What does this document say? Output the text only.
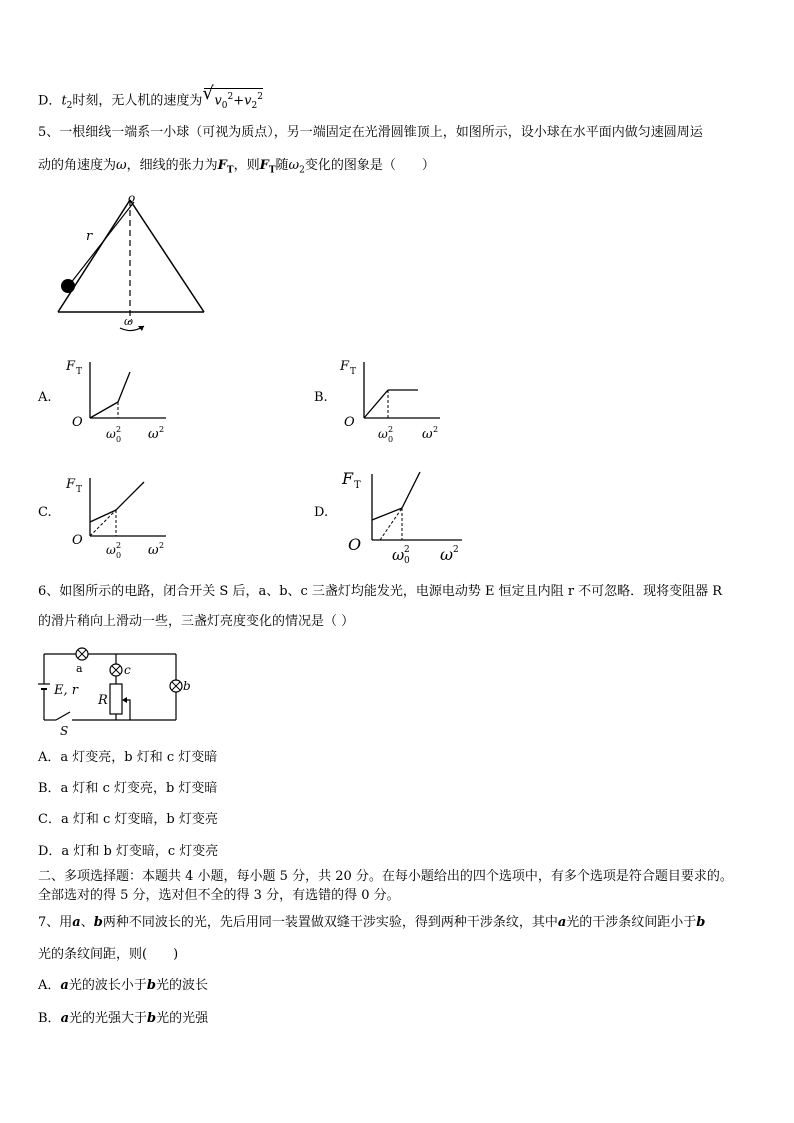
D．$t_2$时刻，无人机的速度为 √ $v_0^2+v_2^2$
5、一根细线一端系一小球（可视为质点），另一端固定在光滑圆锥顶上，如图所示，设小球在水平面内做匀速圆周运
动的角速度为ω，细线的张力为$F_T$，则$F_T$随$\omega_2$变化的图象是（　　）
o
r
ω
A.	B.
C.	D.
F T
O
ω 2
0 ω 2
F T
O
ω 2
0 ω 2
F T
O
ω 2
0 ω 2
F T
O
ω 2
0 ω 2
6、如图所示的电路，闭合开关 S 后，a、b、c 三盏灯均能发光，电源电动势 E 恒定且内阻 r 不可忽略．现将变阻器 R
的滑片稍向上滑动一些，三盏灯亮度变化的情况是（ ）
a
E, r
S
b
c
R
A．a 灯变亮，b 灯和 c 灯变暗
B．a 灯和 c 灯变亮，b 灯变暗
C．a 灯和 c 灯变暗，b 灯变亮
D．a 灯和 b 灯变暗，c 灯变亮
二、多项选择题：本题共 4 小题，每小题 5 分，共 20 分。在每小题给出的四个选项中，有多个选项是符合题目要求的。
全部选对的得 5 分，选对但不全的得 3 分，有选错的得 0 分。
7、用a、b两种不同波长的光，先后用同一装置做双缝干涉实验，得到两种干涉条纹，其中a光的干涉条纹间距小于b
光的条纹间距，则(　　)
A．a光的波长小于b光的波长
B．a光的光强大于b光的光强
